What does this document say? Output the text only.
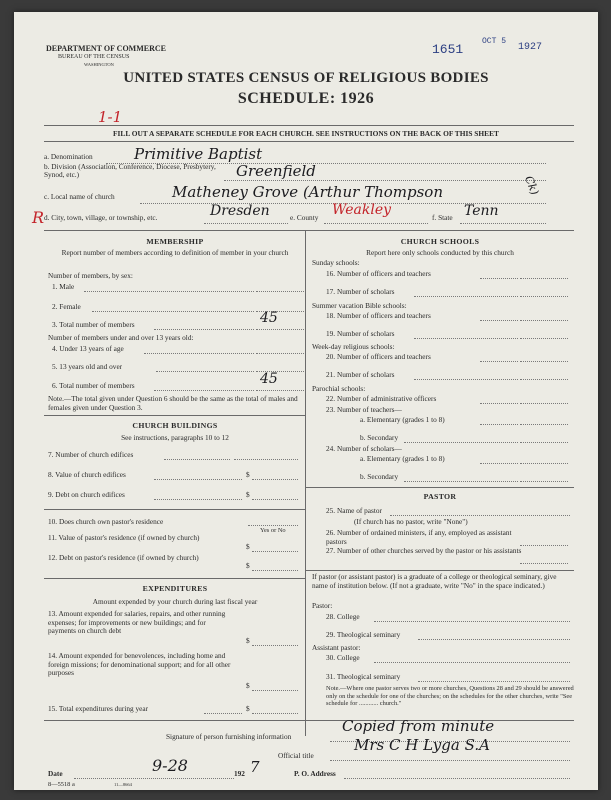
DEPARTMENT OF COMMERCE
BUREAU OF THE CENSUS
WASHINGTON
1651
OCT 5
1927
UNITED STATES CENSUS OF RELIGIOUS BODIES
SCHEDULE: 1926
1-1
FILL OUT A SEPARATE SCHEDULE FOR EACH CHURCH. SEE INSTRUCTIONS ON THE BACK OF THIS SHEET
a. Denomination	Primitive Baptist
b. Division (Association, Conference, Diocese, Presbytery, Synod, etc.)	Greenfield
c. Local name of church	Matheney Grove (Arthur Thompson	Ck)
R d. City, town, village, or township, etc.	Dresden	e. County Weakley	f. State Tenn
MEMBERSHIP
Report number of members according to definition of member in your church
Number of members, by sex:
1. Male
2. Female
3. Total number of members	45
Number of members under and over 13 years old:
4. Under 13 years of age
5. 13 years old and over
6. Total number of members	45
Note.—The total given under Question 6 should be the same as the total of males and females given under Question 3.
CHURCH BUILDINGS
See instructions, paragraphs 10 to 12
7. Number of church edifices
8. Value of church edifices	$
9. Debt on church edifices	$
10. Does church own pastor's residence
Yes or No
11. Value of pastor's residence (if owned by church)
$
12. Debt on pastor's residence (if owned by church)
$
EXPENDITURES
Amount expended by your church during last fiscal year
13. Amount expended for salaries, repairs, and other running expenses; for improvements or new buildings; and for payments on church debt
$
14. Amount expended for benevolences, including home and foreign missions; for denominational support; and for all other purposes
$
15. Total expenditures during year	$
CHURCH SCHOOLS
Report here only schools conducted by this church
Sunday schools:
16. Number of officers and teachers
17. Number of scholars
Summer vacation Bible schools:
18. Number of officers and teachers
19. Number of scholars
Week-day religious schools:
20. Number of officers and teachers
21. Number of scholars
Parochial schools:
22. Number of administrative officers
23. Number of teachers—
a. Elementary (grades 1 to 8)
b. Secondary
24. Number of scholars—
a. Elementary (grades 1 to 8)
b. Secondary
PASTOR
25. Name of pastor
(If church has no pastor, write "None")
26. Number of ordained ministers, if any, employed as assistant pastors
27. Number of other churches served by the pastor or his assistants
If pastor (or assistant pastor) is a graduate of a college or theological seminary, give name of institution below. (If not a graduate, write "No" in the space indicated.)
Pastor:
28. College
29. Theological seminary
Assistant pastor:
30. College
31. Theological seminary
Note.—Where one pastor serves two or more churches, Questions 28 and 29 should be answered only on the schedule for one of the churches; on the schedules for the other churches, write "See schedule for ............ church."
Signature of person furnishing information
Copied from minute
Official title
Mrs C H Lyga S.A
Date	9-28	192 7	P. O. Address
8—5518 a	11—8664
